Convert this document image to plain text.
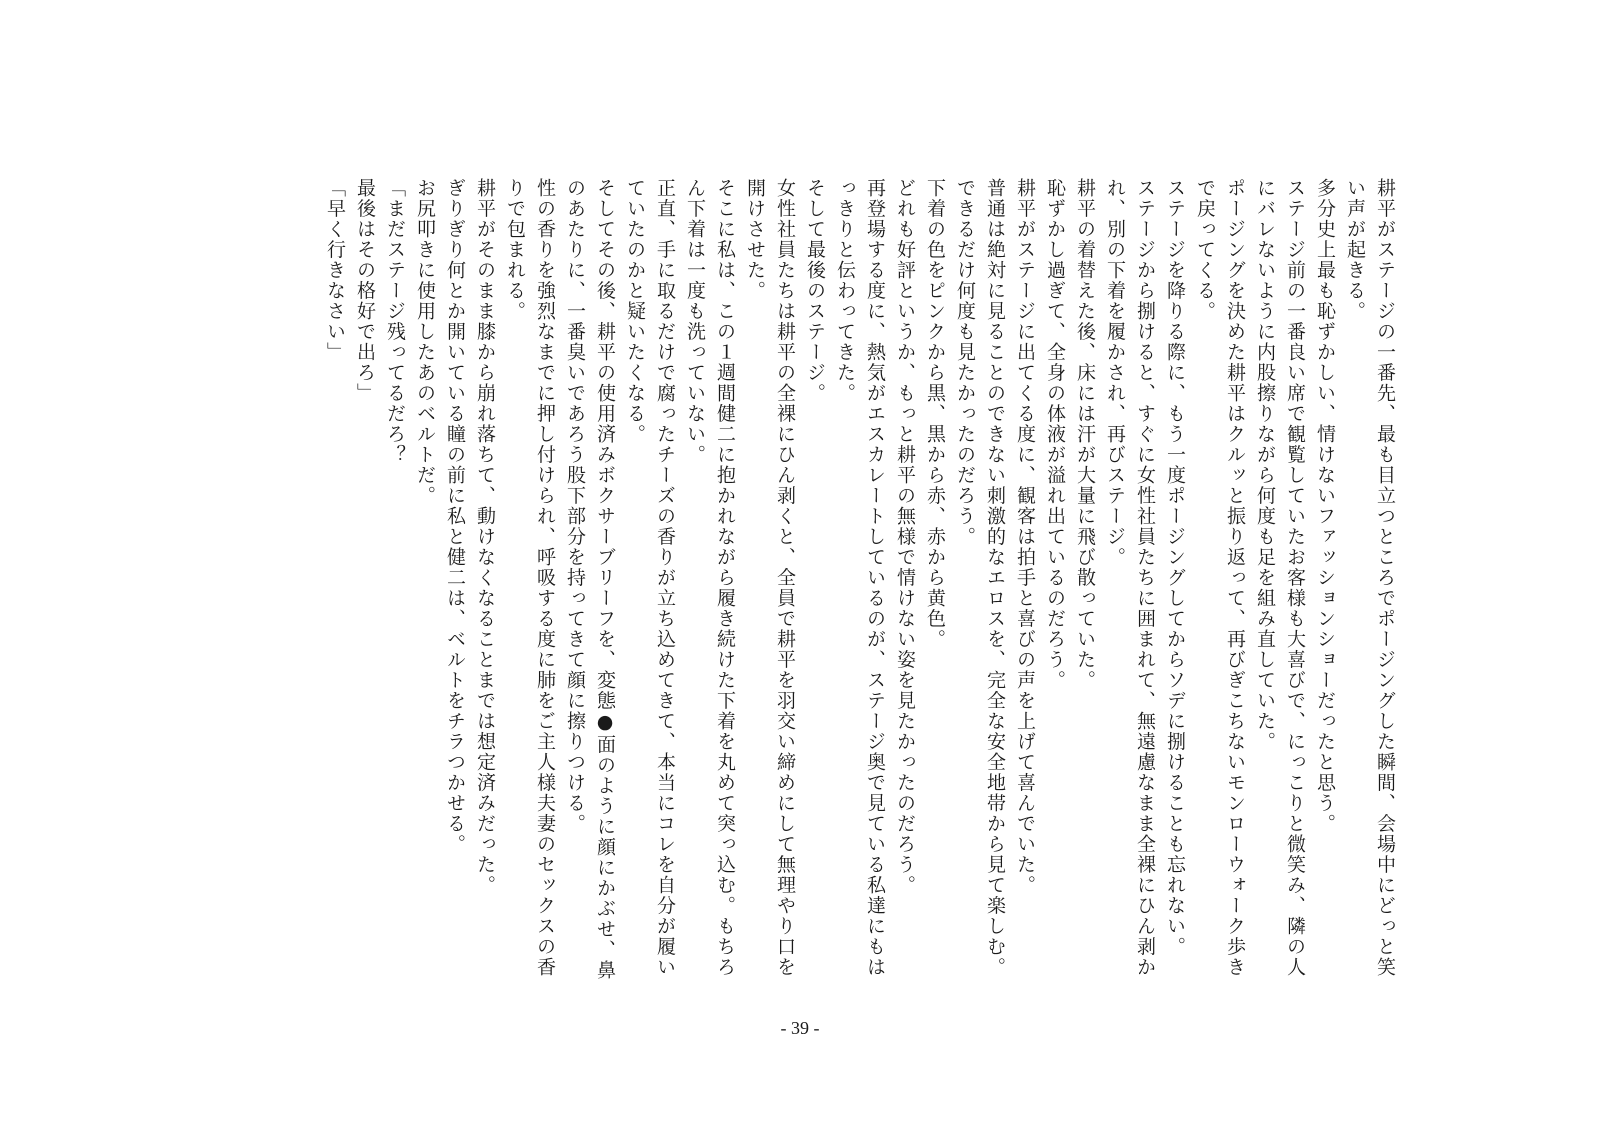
耕平がステージの一番先、最も目立つところでポージングした瞬間、会場中にどっと笑い声が起きる。

多分史上最も恥ずかしい、情けないファッションショーだったと思う。

ステージ前の一番良い席で観覧していたお客様も大喜びで、にっこりと微笑み、隣の人にバレないように内股擦りながら何度も足を組み直していた。

ポージングを決めた耕平はクルッと振り返って、再びぎこちないモンローウォーク歩きで戻ってくる。

ステージを降りる際に、もう一度ポージングしてからソデに捌けることも忘れない。

ステージから捌けると、すぐに女性社員たちに囲まれて、無遠慮なまま全裸にひん剥かれ、別の下着を履かされ、再びステージ。

耕平の着替えた後、床には汗が大量に飛び散っていた。

恥ずかし過ぎて、全身の体液が溢れ出ているのだろう。

耕平がステージに出てくる度に、観客は拍手と喜びの声を上げて喜んでいた。

普通は絶対に見ることのできない刺激的なエロスを、完全な安全地帯から見て楽しむ。

できるだけ何度も見たかったのだろう。

下着の色をピンクから黒、黒から赤、赤から黄色。

どれも好評というか、もっと耕平の無様で情けない姿を見たかったのだろう。

再登場する度に、熱気がエスカレートしているのが、ステージ奥で見ている私達にもはっきりと伝わってきた。

そして最後のステージ。

女性社員たちは耕平の全裸にひん剥くと、全員で耕平を羽交い締めにして無理やり口を開けさせた。

そこに私は、この１週間健二に抱かれながら履き続けた下着を丸めて突っ込む。もちろん下着は一度も洗っていない。

正直、手に取るだけで腐ったチーズの香りが立ち込めてきて、本当にコレを自分が履いていたのかと疑いたくなる。

そしてその後、耕平の使用済みボクサーブリーフを、変態●面のように顔にかぶせ、鼻のあたりに、一番臭いであろう股下部分を持ってきて顔に擦りつける。

性の香りを強烈なまでに押し付けられ、呼吸する度に肺をご主人様夫妻のセックスの香りで包まれる。

耕平がそのまま膝から崩れ落ちて、動けなくなることまでは想定済みだった。

ぎりぎり何とか開いている瞳の前に私と健二は、ベルトをチラつかせる。

お尻叩きに使用したあのベルトだ。

「まだステージ残ってるだろ？

最後はその格好で出ろ」

「早く行きなさい」

- 39 -
